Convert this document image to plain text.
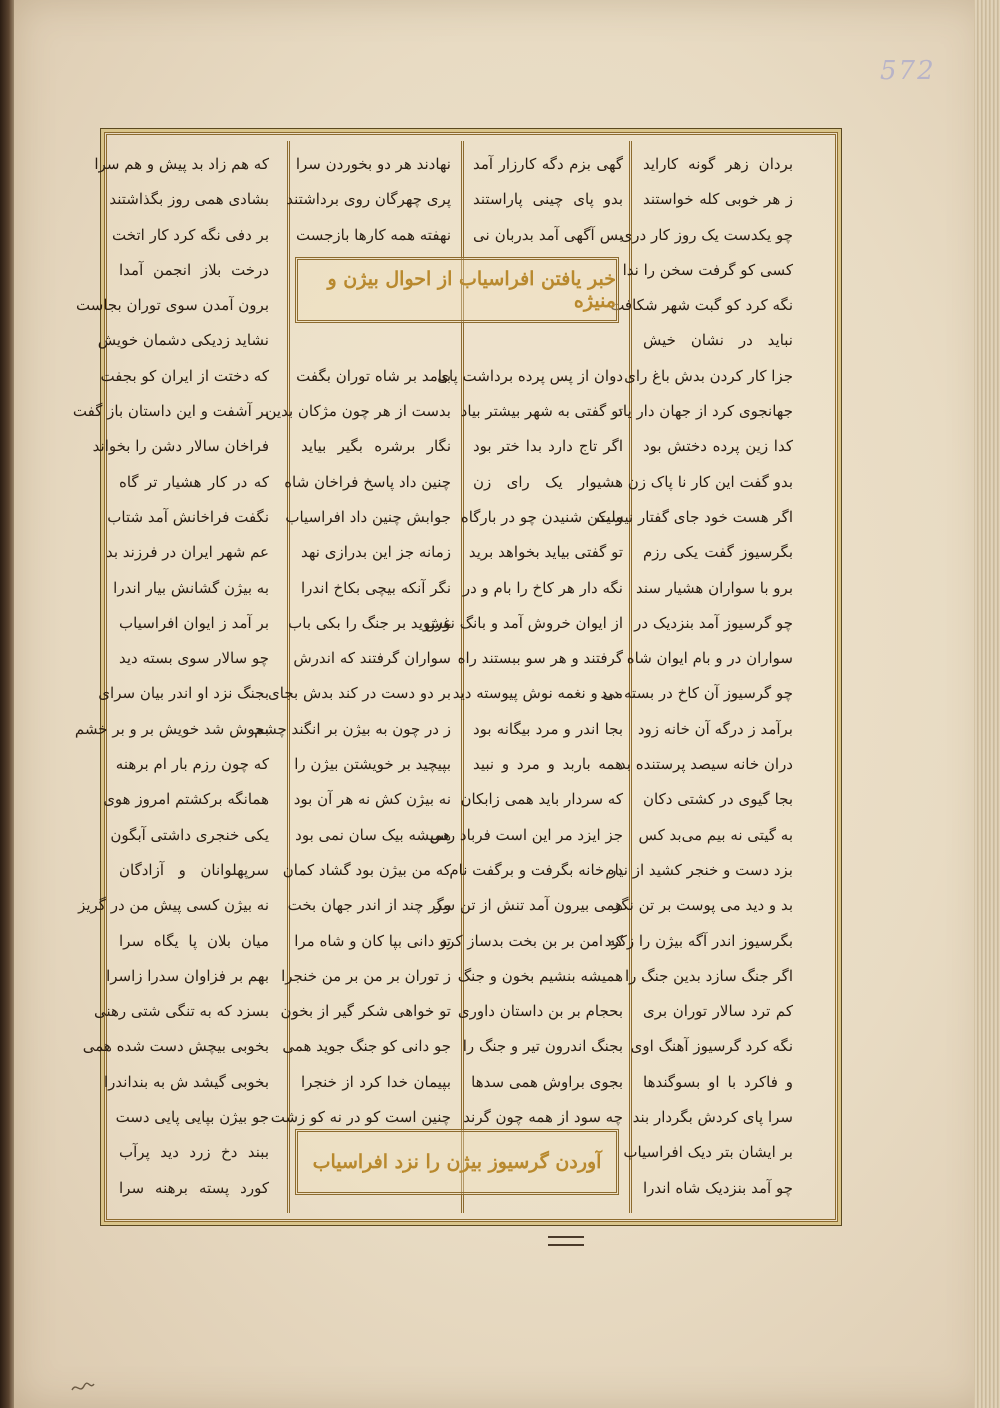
572
که هم زاد بد پیش و هم سرا
بشادی همی روز بگذاشتند
بر دفی نگه کرد کار اتخت
درخت بلاز انجمن آمدا
برون آمدن سوی توران بجاست
نشاید زدیکی دشمان خویش
که دختت از ایران کو بجفت
بر آشفت و این داستان باز گفت
فراخان سالار دشن را بخواند
که در کار هشیار تر گاه
نگفت فراخانش آمد شتاب
عم شهر ایران در فرزند بد
به بیژن گشانش بیار اندرا
بر آمد ز ایوان افراسیاب
چو سالار سوی بسته دید
بجنگ نزد او اندر بیان سرای
بحوش شد خویش بر و بر خشم
که چون رزم بار ام برهنه
همانگه برکشتم امروز هوی
یکی خنجری داشتی آبگون
سرپهلوانان و آزادگان
نه بیژن کسی پیش من در گریز
میان بلان پا یگاه سرا
بهم بر فزاوان سدرا زاسرا
بسزد که به تنگی شتی رهنی
بخوبی بیچش دست شده همی
بخوبی گیشد ش به بنداندرا
جو بیژن بپایی پایی دست
ببند دخ زرد دید پرآب
کورد پسته برهنه سرا
نهادند هر دو بخوردن سرا
پری چهرگان روی برداشتند
نهفته همه کارها بازجست
بیامد بر شاه توران بگفت
بدست از هر چون مژکان بدین
نگار برشره بگیر بیاید
چنین داد پاسخ فراخان شاه
جوابش چنین داد افراسیاب
زمانه جز این بدرازی نهد
نگر آنکه بیچی بکاخ اندرا
غرنوید بر جنگ را بکی باب
سواران گرفتند که اندرش
بر دو دست در کند بدش بجای
ز در چون به بیژن بر انگند چشم
بپیچید بر خویشتن بیژن را
نه بیژن کش نه هر آن بود
همیشه بیک سان نمی بود
که من بیژن بود گشاد کمان
وگر چند از اندر جهان بخت
تو دانی بپا کان و شاه مرا
ز توران بر من بر من خنجرا
تو خواهی شکر گیر از بخون
جو دانی کو جنگ جوید همی
بپیمان خدا کرد از خنجرا
چنین است کو در نه کو زشت
گهی بزم دگه کارزار آمد
بدو پای چینی پاراستند
بس آگهی آمد بدربان نی
دوان از پس پرده برداشت پای
تو گفتی به شهر بیشتر بیاد
اگر تاج دارد بدا ختر بود
هشیوار یک رای زن
ولیکن شنیدن چو در بارگاه
تو گفتی بیاید بخواهد برید
نگه دار هر کاخ را بام و در
از ایوان خروش آمد و بانگ نوش
گرفتند و هر سو ببستند راه
می و نغمه نوش پیوسته دید
بجا اندر و مرد بیگانه بود
همه باربد و مرد و نبید
که سردار باید همی زابکان
جز ایزد مر این است فرباد رس
در خانه بگرفت و برگفت نام
همی بیرون آمد تنش از تن سر
که امن بر بن بخت بدساز کرد
همیشه بنشیم بخون و جنگ
بحجام بر بن داستان داوری
بجنگ اندرون تیر و جنگ را
بجوی براوش همی سدها
چه سود از همه چون گرند
بردان زهر گونه کاراید
ز هر خوبی کله خواستند
چو یکدست یک روز کار دری
کسی کو گرفت سخن را ندا
نگه کرد کو گبت شهر شکافت
نباید در نشان خیش
جزا کار کردن بدش باغ رای
جهانجوی کرد از جهان دار یاد
کدا زین پرده دختش بود
بدو گفت این کار نا پاک زن
اگر هست خود جای گفتار نیست
بگرسیوز گفت یکی رزم
برو با سواران هشیار سند
چو گرسیوز آمد بنزدیک در
سواران در و بام ایوان شاه
چو گرسیوز آن کاخ در بسته دید
برآمد ز درگه آن خانه زود
دران خانه سیصد پرستنده بد
بجا گیوی در کشتی دکان
به گیتی نه بیم می‌بد کس
بزد دست و خنجر کشید از نیام
بد و دید می پوست بر تن نگر
بگرسیوز اندر آگه بیژن را زکرد
اگر جنگ سازد بدین جنگ را
کم ترد سالار توران بری
نگه کرد گرسیوز آهنگ اوی
و فاکرد با او بسوگندها
سرا پای کردش بگردار بند
بر ایشان بتر دیک افراسیاب
چو آمد بنزدیک شاه اندرا
خبر یافتن افراسیاب از احوال بیژن و منیژه
آوردن گرسیوز بیژن را نزد افراسیاب
